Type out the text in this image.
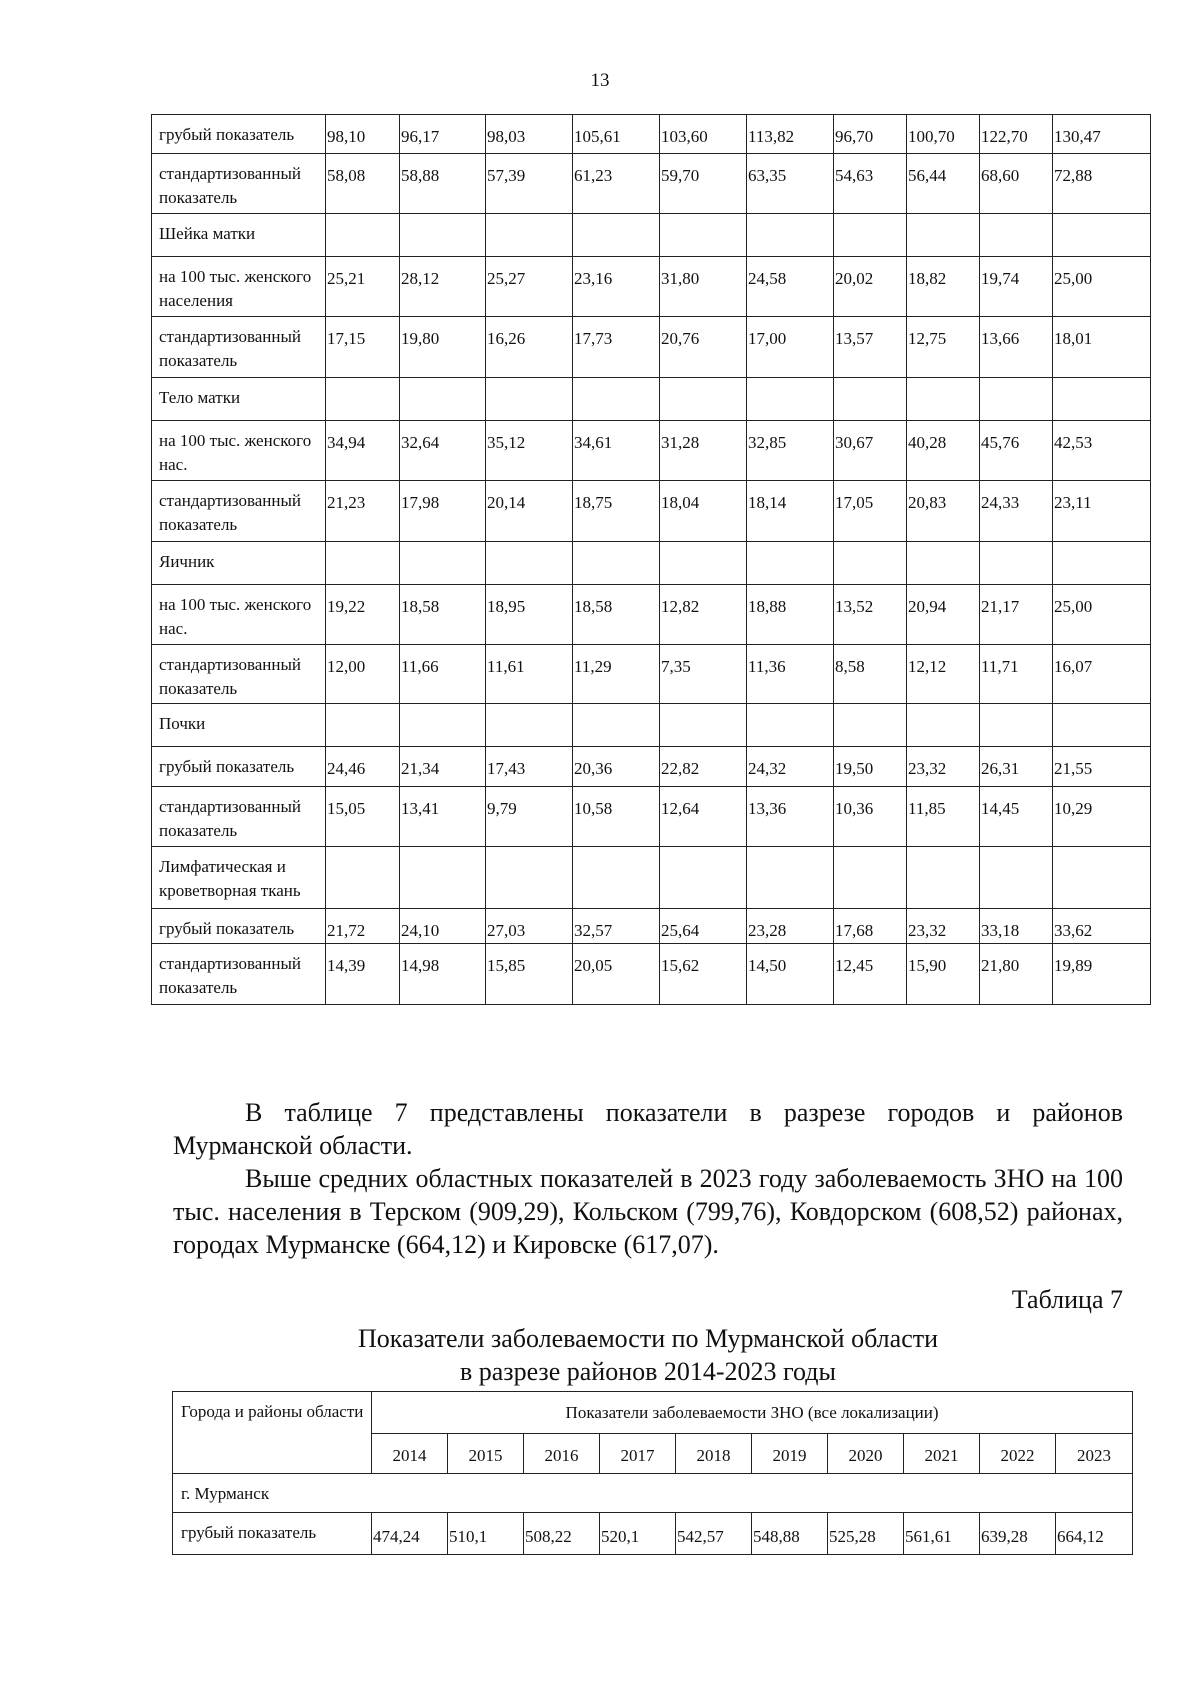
13
грубый показатель	98,10	96,17	98,03	105,61	103,60	113,82	96,70	100,70	122,70	130,47
стандартизованный показатель	58,08	58,88	57,39	61,23	59,70	63,35	54,63	56,44	68,60	72,88
Шейка матки										
на 100 тыс. женского населения	25,21	28,12	25,27	23,16	31,80	24,58	20,02	18,82	19,74	25,00
стандартизованный показатель	17,15	19,80	16,26	17,73	20,76	17,00	13,57	12,75	13,66	18,01
Тело матки										
на 100 тыс. женского нас.	34,94	32,64	35,12	34,61	31,28	32,85	30,67	40,28	45,76	42,53
стандартизованный показатель	21,23	17,98	20,14	18,75	18,04	18,14	17,05	20,83	24,33	23,11
Яичник										
на 100 тыс. женского нас.	19,22	18,58	18,95	18,58	12,82	18,88	13,52	20,94	21,17	25,00
стандартизованный показатель	12,00	11,66	11,61	11,29	7,35	11,36	8,58	12,12	11,71	16,07
Почки										
грубый показатель	24,46	21,34	17,43	20,36	22,82	24,32	19,50	23,32	26,31	21,55
стандартизованный показатель	15,05	13,41	9,79	10,58	12,64	13,36	10,36	11,85	14,45	10,29
Лимфатическая и кроветворная ткань										
грубый показатель	21,72	24,10	27,03	32,57	25,64	23,28	17,68	23,32	33,18	33,62
стандартизованный показатель	14,39	14,98	15,85	20,05	15,62	14,50	12,45	15,90	21,80	19,89
В таблице 7 представлены показатели в разрезе городов и районов Мурманской области.
Выше средних областных показателей в 2023 году заболеваемость ЗНО на 100 тыс. населения в Терском (909,29), Кольском (799,76), Ковдорском (608,52) районах, городах Мурманске (664,12) и Кировске (617,07).
Таблица 7
Показатели заболеваемости по Мурманской области
в разрезе районов 2014-2023 годы
Города и районы области	Показатели заболеваемости ЗНО (все локализации)									
	2014	2015	2016	2017	2018	2019	2020	2021	2022	2023
г. Мурманск										
грубый показатель	474,24	510,1	508,22	520,1	542,57	548,88	525,28	561,61	639,28	664,12
